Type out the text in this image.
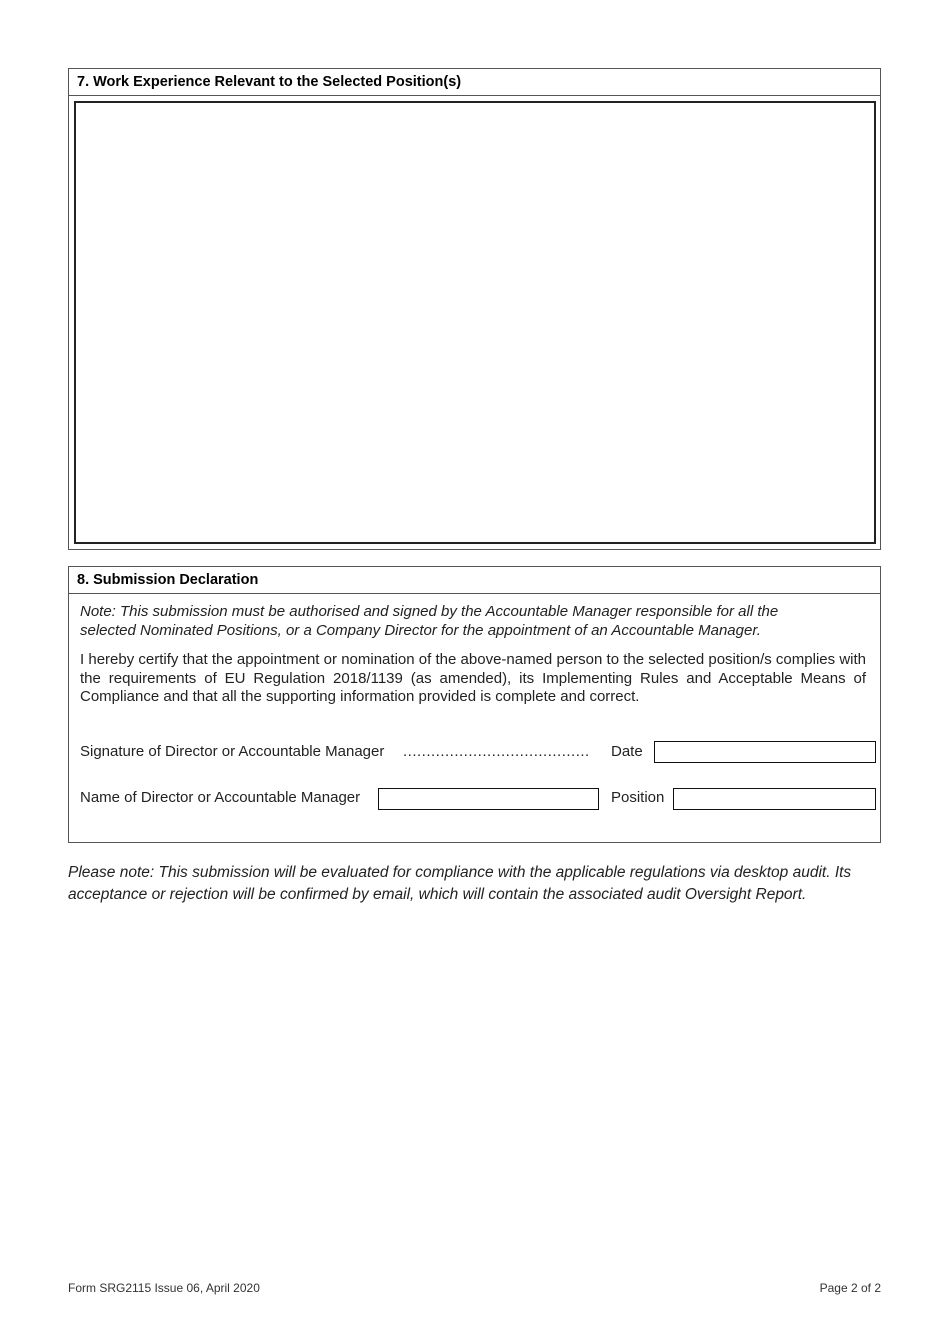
7. Work Experience Relevant to the Selected Position(s)
8. Submission Declaration
Note: This submission must be authorised and signed by the Accountable Manager responsible for all the
selected Nominated Positions, or a Company Director for the appointment of an Accountable Manager.
I hereby certify that the appointment or nomination of the above-named person to the selected position/s complies with the requirements of EU Regulation 2018/1139 (as amended), its Implementing Rules and Acceptable Means of Compliance and that all the supporting information provided is complete and correct.
Signature of Director or Accountable Manager ........................................ Date
Name of Director or Accountable Manager	Position
Please note: This submission will be evaluated for compliance with the applicable regulations via desktop audit. Its
acceptance or rejection will be confirmed by email, which will contain the associated audit Oversight Report.
Form SRG2115 Issue 06, April 2020	Page 2 of 2
